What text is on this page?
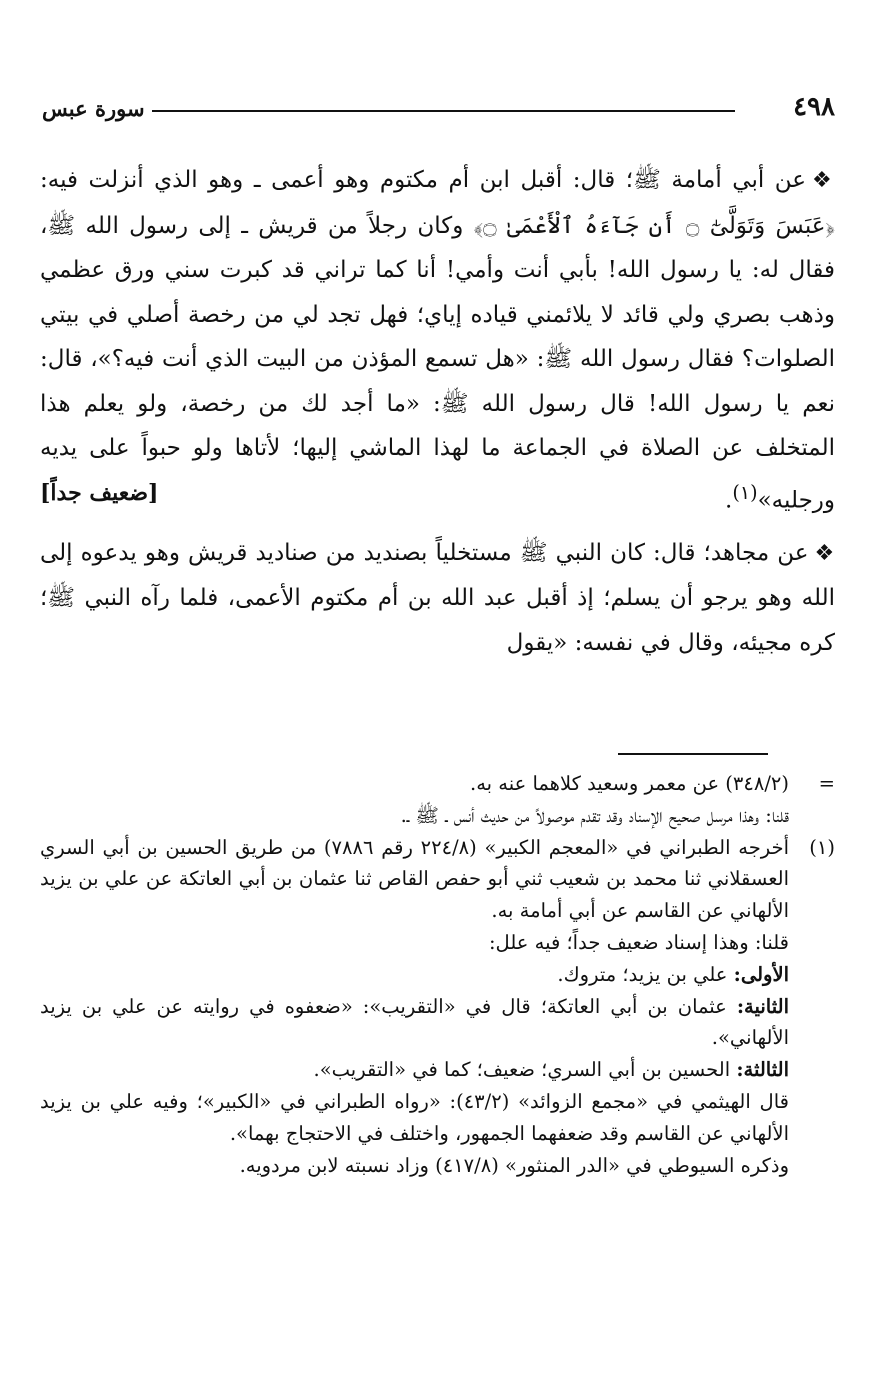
٤٩٨
سورة عبس

❖عن أبي أمامة ﷺ؛ قال: أقبل ابن أم مكتوم وهو أعمى ـ وهو الذي أنزلت فيه: ﴿عَبَسَ وَتَوَلَّىٰٓ ۝ أَن جَآءَهُ ٱلْأَعْمَىٰ ۝﴾ وكان رجلاً من قريش ـ إلى رسول الله ﷺ، فقال له: يا رسول الله! بأبي أنت وأمي! أنا كما تراني قد كبرت سني ورق عظمي وذهب بصري ولي قائد لا يلائمني قياده إياي؛ فهل تجد لي من رخصة أصلي في بيتي الصلوات؟ فقال رسول الله ﷺ: «هل تسمع المؤذن من البيت الذي أنت فيه؟»، قال: نعم يا رسول الله! قال رسول الله ﷺ: «ما أجد لك من رخصة، ولو يعلم هذا المتخلف عن الصلاة في الجماعة ما لهذا الماشي إليها؛ لأتاها ولو حبواً على يديه ورجليه»$^{(١)}$.
[ضعيف جداً]

❖عن مجاهد؛ قال: كان النبي ﷺ مستخلياً بصنديد من صناديد قريش وهو يدعوه إلى الله وهو يرجو أن يسلم؛ إذ أقبل عبد الله بن أم مكتوم الأعمى، فلما رآه النبي ﷺ؛ كره مجيئه، وقال في نفسه: «يقول

=

(٣٤٨/٢) عن معمر وسعيد كلاهما عنه به.

قلنا: وهذا مرسل صحيح الإسناد وقد تقدم موصولاً من حديث أنس ـ ﷺ ـ.

(١)

أخرجه الطبراني في «المعجم الكبير» (٢٢٤/٨ رقم ٧٨٨٦) من طريق الحسين بن أبي السري العسقلاني ثنا محمد بن شعيب ثني أبو حفص القاص ثنا عثمان بن أبي العاتكة عن علي بن يزيد الألهاني عن القاسم عن أبي أمامة به.

قلنا: وهذا إسناد ضعيف جداً؛ فيه علل:

الأولى: علي بن يزيد؛ متروك.

الثانية: عثمان بن أبي العاتكة؛ قال في «التقريب»: «ضعفوه في روايته عن علي بن يزيد الألهاني».

الثالثة: الحسين بن أبي السري؛ ضعيف؛ كما في «التقريب».

قال الهيثمي في «مجمع الزوائد» (٤٣/٢): «رواه الطبراني في «الكبير»؛ وفيه علي بن يزيد الألهاني عن القاسم وقد ضعفهما الجمهور، واختلف في الاحتجاج بهما».

وذكره السيوطي في «الدر المنثور» (٤١٧/٨) وزاد نسبته لابن مردويه.
